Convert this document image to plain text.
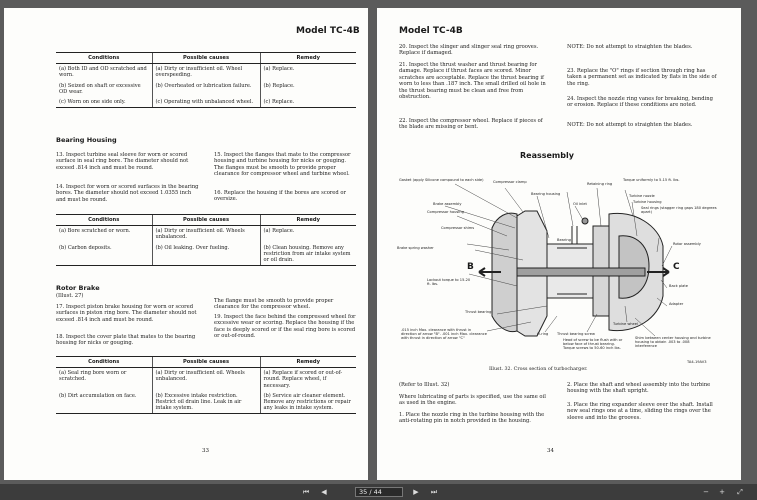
Model TC-4B
Conditions	Possible causes	Remedy
(a) Both ID and OD scratched and worn.	(a) Dirty or insufficient oil. Wheel overspeeding.	(a) Replace.
(b) Seized on shaft or excessive OD wear.	(b) Overheated or lubrication failure.	(b) Replace.
(c) Worn on one side only.	(c) Operating with unbalanced wheel.	(c) Replace.
Bearing Housing
13. Inspect turbine seal sleeve for worn or scored surface in seal ring bore. The diameter should not exceed .814 inch and must be round.
14. Inspect for worn or scored surfaces in the bearing bores. The diameter should not exceed 1.0355 inch and must be round.
15. Inspect the flanges that mate to the compressor housing and turbine housing for nicks or gouging. The flanges must be smooth to provide proper clearance for compressor wheel and turbine wheel.
16. Replace the housing if the bores are scored or oversize.
Conditions	Possible causes	Remedy
(a) Bore scratched or worn.	(a) Dirty or insufficient oil. Wheels unbalanced.	(a) Replace.
(b) Carbon deposits.	(b) Oil leaking. Over fueling.	(b) Clean housing. Remove any restriction from air intake system or oil drain.
Rotor Brake
(Illust. 27)
17. Inspect piston brake housing for worn or scored surfaces in piston ring bore. The diameter should not exceed .814 inch and must be round.
18. Inspect the cover plate that mates to the bearing housing for nicks or gouging.
The flange must be smooth to provide proper clearance for the compressor wheel.
19. Inspect the face behind the compressed wheel for excessive wear or scoring. Replace the housing if the face is deeply scored or if the seal ring bore is scored or out-of-round.
Conditions	Possible causes	Remedy
(a) Seal ring bore worn or scratched.	(a) Dirty or insufficient oil. Wheels unbalanced.	(a) Replace if scored or out-of-round. Replace wheel, if necessary.
(b) Dirt accumulation on face.	(b) Excessive intake restriction. Restrict oil drain line. Leak in air intake system.	(b) Service air cleaner element. Remove any restrictions or repair any leaks in intake system.
33
Model TC-4B
20. Inspect the slinger and slinger seal ring grooves. Replace if damaged.
21. Inspect the thrust washer and thrust bearing for damage. Replace if thrust faces are scored. Minor scratches are acceptable. Replace the thrust bearing if worn to less than .187 inch. The small drilled oil hole in the thrust bearing must be clean and free from obstruction.
22. Inspect the compressor wheel. Replace if pieces of the blade are missing or bent.
NOTE: Do not attempt to straighten the blades.
23. Replace the "O" rings if section through ring has taken a permanent set as indicated by flats in the side of the ring.
24. Inspect the nozzle ring vanes for breaking, bending or erosion. Replace if these conditions are noted.
NOTE: Do not attempt to straighten the blades.
Reassembly
Gasket (apply Silicone compound to each side)	Compressor clamp	Retaining ring
Torque uniformly to 5-15 ft. lbs.
Brake assembly
Bearing housing	Turbine nozzle
Oil inlet	Turbine housing
Compressor housing
Seal rings (stagger ring gaps 180 degrees apart)
Compressor shims
Bearing
Brake spring washer
Rotor assembly
B	C
Lockout torque to 15-20 ft. lbs.	Back plate
Adapter
Thrust bearing
Turbine wheel
.015 inch Max. clearance with thrust in direction of arrow "B". .001 inch Max. clearance with thrust in direction of arrow "C"
O-ring Thrust bearing screw
Head of screw to be flush with or below face of thrust bearing. Torque screws to 50-60 inch lbs.
Shim between center housing and turbine housing to obtain .003 to .008 interference
TA4-19AV3
Illust. 32. Cross section of turbocharger.
(Refer to Illust. 32)
Where lubricating of parts is specified, use the same oil as used in the engine.
1. Place the nozzle ring in the turbine housing with the anti-rotating pin in notch provided in the housing.
2. Place the shaft and wheel assembly into the turbine housing with the shaft upright.
3. Place the ring expander sleeve over the shaft. Install new seal rings one at a time, sliding the rings over the sleeve and into the grooves.
34
⏮	◀	35 / 44	▶	⏭	−	+	⤢
